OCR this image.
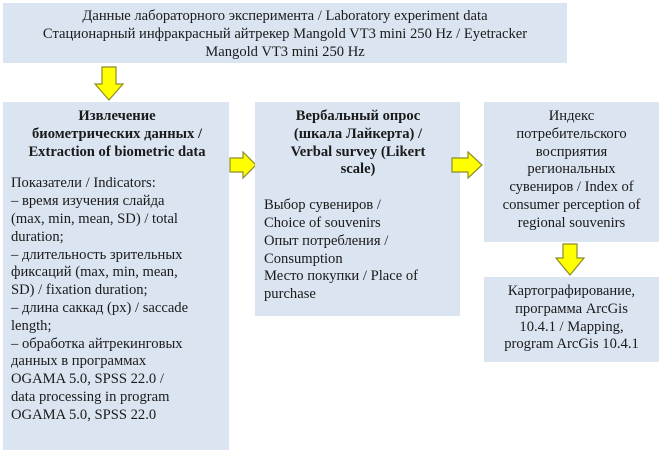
Данные лабораторного эксперимента / Laboratory experiment data
Стационарный инфракрасный айтрекер Mangold VT3 mini 250 Hz / Eyetracker
Mangold VT3 mini 250 Hz
Извлечение
биометрических данных /
Extraction of biometric data
Показатели / Indicators:
– время изучения слайда
(max, min, mean, SD) / total
duration;
– длительность зрительных
фиксаций (max, min, mean,
SD) / fixation duration;
– длина саккад (px) / saccade
length;
– обработка айтрекинговых
данных в программах
OGAMA 5.0, SPSS 22.0 /
data processing in program
OGAMA 5.0, SPSS 22.0
Вербальный опрос
(шкала Лайкерта) /
Verbal survey (Likert
scale)
Выбор сувениров /
Choice of souvenirs
Опыт потребления /
Consumption
Место покупки / Place of
purchase
Индекс
потребительского
восприятия
региональных
сувениров / Index of
consumer perception of
regional souvenirs
Картографирование,
программа ArcGis
10.4.1 / Mapping,
program ArcGis 10.4.1
